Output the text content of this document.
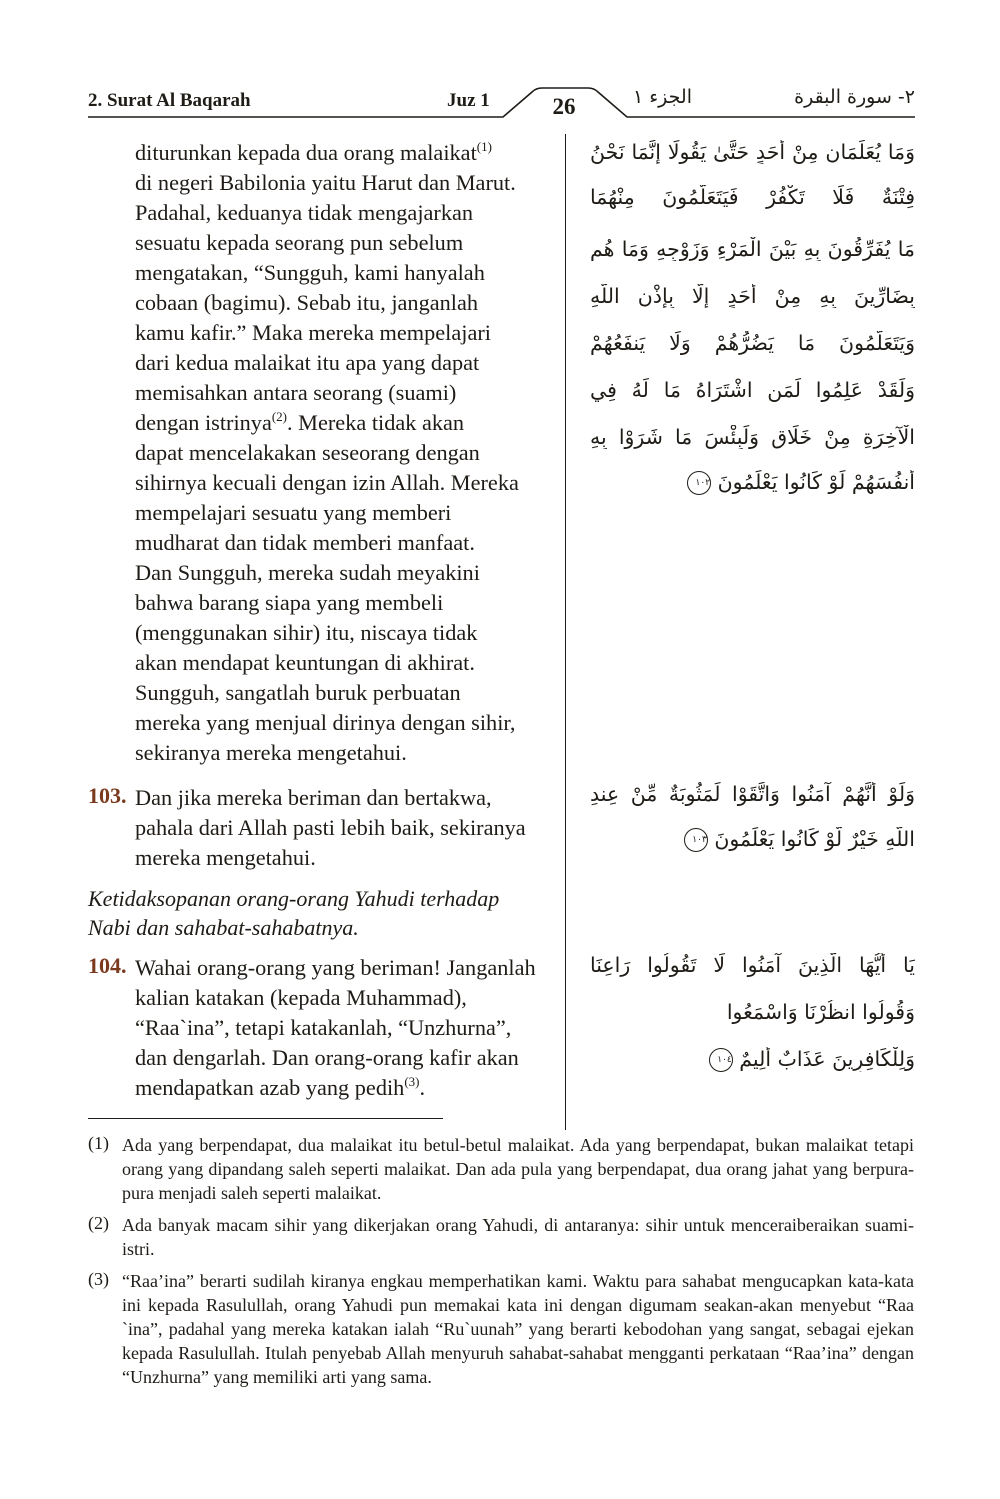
2. Surat Al Baqarah	Juz 1	26	الجزء ١	٢- سورة البقرة
diturunkan kepada dua orang malaikat$^{(1)}$
di negeri Babilonia yaitu Harut dan Marut.
Padahal, keduanya tidak mengajarkan
sesuatu kepada seorang pun sebelum
mengatakan, “Sungguh, kami hanyalah
cobaan (bagimu). Sebab itu, janganlah
kamu kafir.” Maka mereka mempelajari
dari kedua malaikat itu apa yang dapat
memisahkan antara seorang (suami)
dengan istrinya$^{(2)}$. Mereka tidak akan
dapat mencelakakan seseorang dengan
sihirnya kecuali dengan izin Allah. Mereka
mempelajari sesuatu yang memberi
mudharat dan tidak memberi manfaat.
Dan Sungguh, mereka sudah meyakini
bahwa barang siapa yang membeli
(menggunakan sihir) itu, niscaya tidak
akan mendapat keuntungan di akhirat.
Sungguh, sangatlah buruk perbuatan
mereka yang menjual dirinya dengan sihir,
sekiranya mereka mengetahui.
وَمَا يُعَلِّمَانِ مِنْ أَحَدٍ حَتَّىٰ يَقُولَا إِنَّمَا نَحْنُ
فِتْنَةٌ فَلَا تَكْفُرْ فَيَتَعَلَّمُونَ مِنْهُمَا
مَا يُفَرِّقُونَ بِهِ بَيْنَ الْمَرْءِ وَزَوْجِهِ وَمَا هُم
بِضَارِّينَ بِهِ مِنْ أَحَدٍ إِلَّا بِإِذْنِ اللَّهِ
وَيَتَعَلَّمُونَ مَا يَضُرُّهُمْ وَلَا يَنفَعُهُمْ
وَلَقَدْ عَلِمُوا لَمَنِ اشْتَرَاهُ مَا لَهُ فِي
الْآخِرَةِ مِنْ خَلَاقٍ وَلَبِئْسَ مَا شَرَوْا بِهِ
أَنفُسَهُمْ لَوْ كَانُوا يَعْلَمُونَ ١٠٢
103. Dan jika mereka beriman dan bertakwa,
pahala dari Allah pasti lebih baik, sekiranya
mereka mengetahui.
وَلَوْ أَنَّهُمْ آمَنُوا وَاتَّقَوْا لَمَثُوبَةٌ مِّنْ عِندِ
اللَّهِ خَيْرٌ لَّوْ كَانُوا يَعْلَمُونَ ١٠٣
Ketidaksopanan orang-orang Yahudi terhadap
Nabi dan sahabat-sahabatnya.
104. Wahai orang-orang yang beriman! Janganlah
kalian katakan (kepada Muhammad),
“Raa`ina”, tetapi katakanlah, “Unzhurna”,
dan dengarlah. Dan orang-orang kafir akan
mendapatkan azab yang pedih$^{(3)}$.
يَا أَيُّهَا الَّذِينَ آمَنُوا لَا تَقُولُوا رَاعِنَا
وَقُولُوا انظُرْنَا وَاسْمَعُوا
وَلِلْكَافِرِينَ عَذَابٌ أَلِيمٌ ١٠٤
(1) Ada yang berpendapat, dua malaikat itu betul-betul malaikat. Ada yang berpendapat, bukan malaikat tetapi orang yang dipandang saleh seperti malaikat. Dan ada pula yang berpendapat, dua orang jahat yang berpura-pura menjadi saleh seperti malaikat.
(2) Ada banyak macam sihir yang dikerjakan orang Yahudi, di antaranya: sihir untuk menceraiberaikan suami- istri.
(3) “Raa’ina” berarti sudilah kiranya engkau memperhatikan kami. Waktu para sahabat mengucapkan kata-kata ini kepada Rasulullah, orang Yahudi pun memakai kata ini dengan digumam seakan-akan menyebut “Raa `ina”, padahal yang mereka katakan ialah “Ru`uunah” yang berarti kebodohan yang sangat, sebagai ejekan kepada Rasulullah. Itulah penyebab Allah menyuruh sahabat-sahabat mengganti perkataan “Raa’ina” dengan “Unzhurna” yang memiliki arti yang sama.
